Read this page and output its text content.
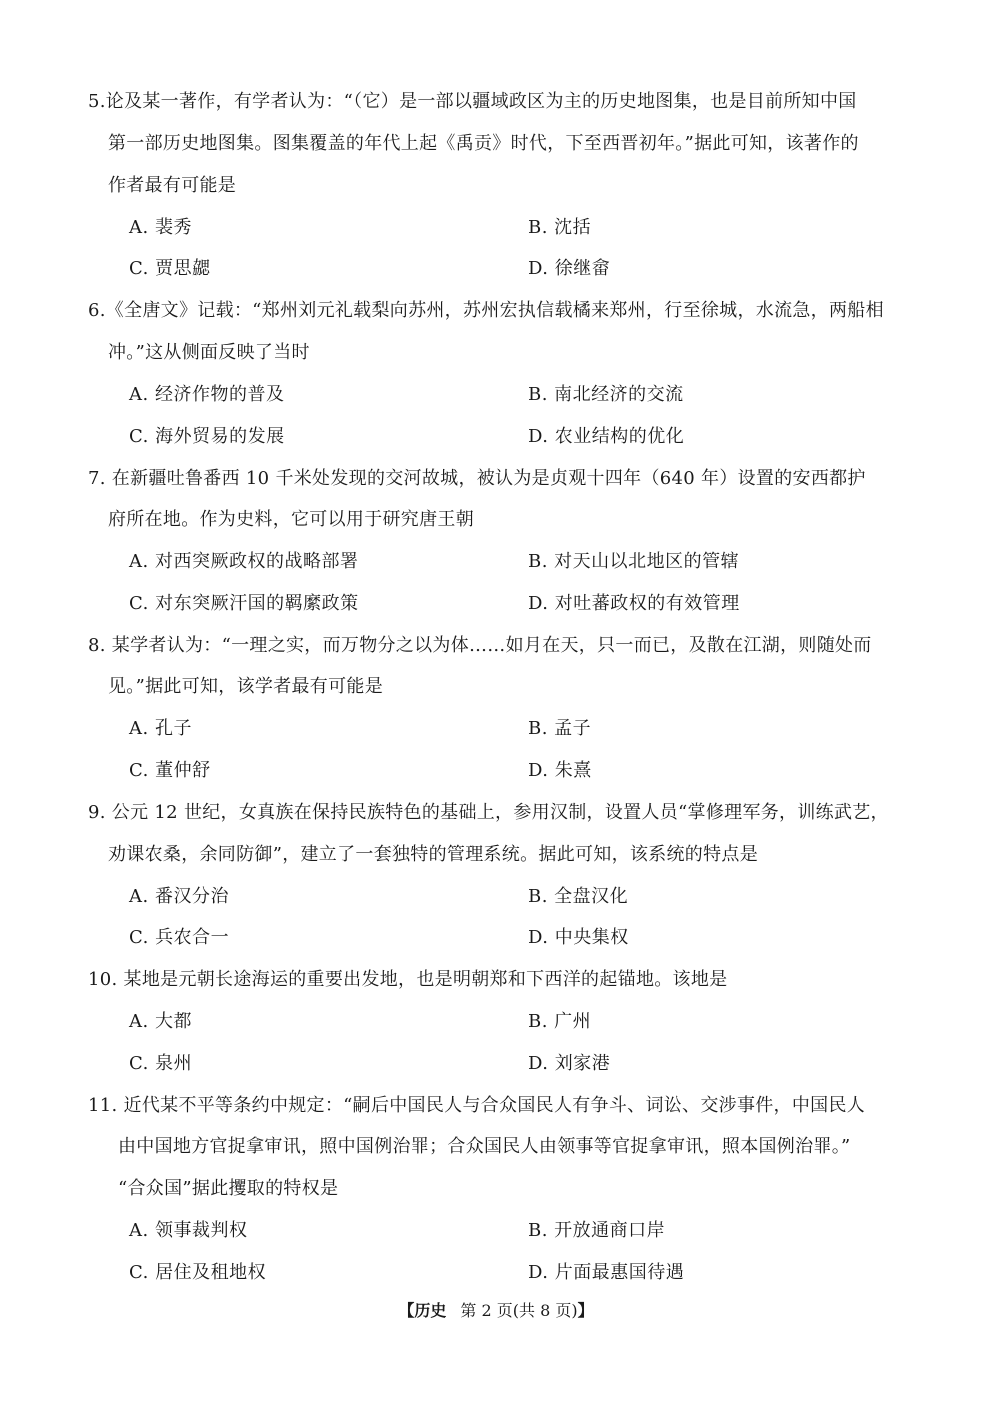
5.论及某一著作，有学者认为：“（它）是一部以疆域政区为主的历史地图集，也是目前所知中国
第一部历史地图集。图集覆盖的年代上起《禹贡》时代，下至西晋初年。”据此可知，该著作的
作者最有可能是
A. 裴秀	B. 沈括
C. 贾思勰	D. 徐继畲
6.《全唐文》记载：“郑州刘元礼载梨向苏州，苏州宏执信载橘来郑州，行至徐城，水流急，两船相
冲。”这从侧面反映了当时
A. 经济作物的普及	B. 南北经济的交流
C. 海外贸易的发展	D. 农业结构的优化
7. 在新疆吐鲁番西 10 千米处发现的交河故城，被认为是贞观十四年（640 年）设置的安西都护
府所在地。作为史料，它可以用于研究唐王朝
A. 对西突厥政权的战略部署	B. 对天山以北地区的管辖
C. 对东突厥汗国的羁縻政策	D. 对吐蕃政权的有效管理
8. 某学者认为：“一理之实，而万物分之以为体……如月在天，只一而已，及散在江湖，则随处而
见。”据此可知，该学者最有可能是
A. 孔子	B. 孟子
C. 董仲舒	D. 朱熹
9. 公元 12 世纪，女真族在保持民族特色的基础上，参用汉制，设置人员“掌修理军务，训练武艺，
劝课农桑，余同防御”，建立了一套独特的管理系统。据此可知，该系统的特点是
A. 番汉分治	B. 全盘汉化
C. 兵农合一	D. 中央集权
10. 某地是元朝长途海运的重要出发地，也是明朝郑和下西洋的起锚地。该地是
A. 大都	B. 广州
C. 泉州	D. 刘家港
11. 近代某不平等条约中规定：“嗣后中国民人与合众国民人有争斗、词讼、交涉事件，中国民人
由中国地方官捉拿审讯，照中国例治罪；合众国民人由领事等官捉拿审讯，照本国例治罪。”
“合众国”据此攫取的特权是
A. 领事裁判权	B. 开放通商口岸
C. 居住及租地权	D. 片面最惠国待遇
【历史 第 2 页(共 8 页)】
